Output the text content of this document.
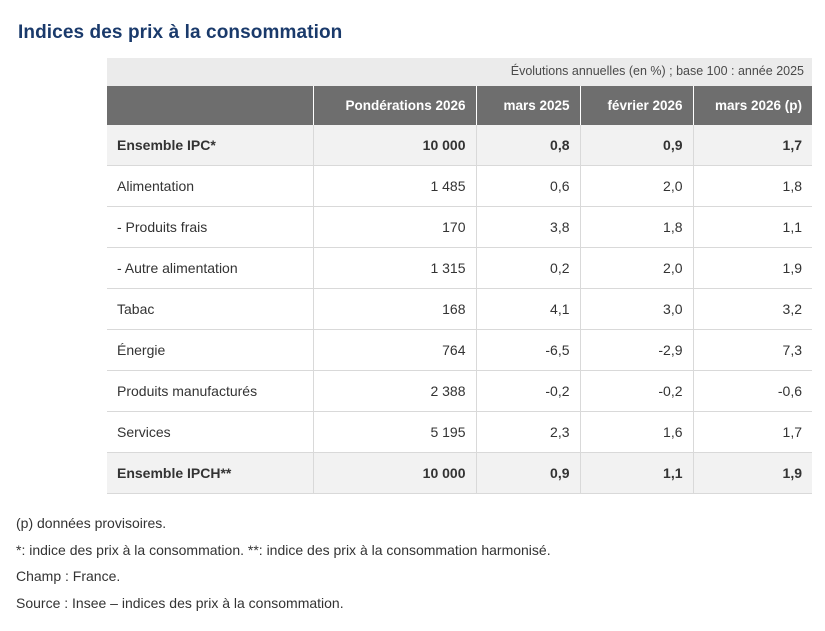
Indices des prix à la consommation
Évolutions annuelles (en %) ; base 100 : année 2025
	Pondérations 2026	mars 2025	février 2026	mars 2026 (p)
Ensemble IPC*	10 000	0,8	0,9	1,7
Alimentation	1 485	0,6	2,0	1,8
- Produits frais	170	3,8	1,8	1,1
- Autre alimentation	1 315	0,2	2,0	1,9
Tabac	168	4,1	3,0	3,2
Énergie	764	-6,5	-2,9	7,3
Produits manufacturés	2 388	-0,2	-0,2	-0,6
Services	5 195	2,3	1,6	1,7
Ensemble IPCH**	10 000	0,9	1,1	1,9
(p) données provisoires.
*: indice des prix à la consommation. **: indice des prix à la consommation harmonisé.
Champ : France.
Source : Insee – indices des prix à la consommation.
